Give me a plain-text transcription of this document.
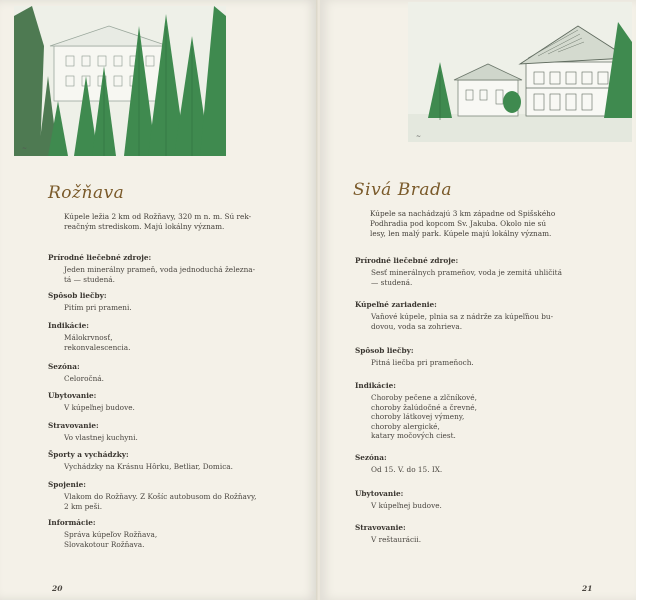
~
Rožňava
Kúpele ležia 2 km od Rožňavy, 320 m n. m. Sú rek-
reačným strediskom. Majú lokálny význam.
Prírodné liečebné zdroje:
Jeden minerálny prameň, voda jednoduchá železna-
tá — studená.
Spôsob liečby:
Pitím pri prameni.
Indikácie:
Málokrvnosť,
rekonvalescencia.
Sezóna:
Celoročná.
Ubytovanie:
V kúpeľnej budove.
Stravovanie:
Vo vlastnej kuchyni.
Športy a vychádzky:
Vychádzky na Krásnu Hôrku, Betliar, Domica.
Spojenie:
Vlakom do Rožňavy. Z Košíc autobusom do Rožňavy,
2 km peši.
Informácie:
Správa kúpeľov Rožňava,
Slovakotour Rožňava.
20
~
Sivá Brada
Kúpele sa nachádzajú 3 km západne od Spišského
Podhradia pod kopcom Sv. Jakuba. Okolo nie sú
lesy, len malý park. Kúpele majú lokálny význam.
Prírodné liečebné zdroje:
Sesť minerálnych prameňov, voda je zemitá uhličitá
— studená.
Kúpeľné zariadenie:
Vaňové kúpele, plnia sa z nádrže za kúpeľňou bu-
dovou, voda sa zohrieva.
Spôsob liečby:
Pitná liečba pri prameňoch.
Indikácie:
Choroby pečene a zlčníkové,
choroby žalúdočné a črevné,
choroby látkovej výmeny,
choroby alergické,
katary močových ciest.
Sezóna:
Od 15. V. do 15. IX.
Ubytovanie:
V kúpeľnej budove.
Stravovanie:
V reštaurácii.
21
